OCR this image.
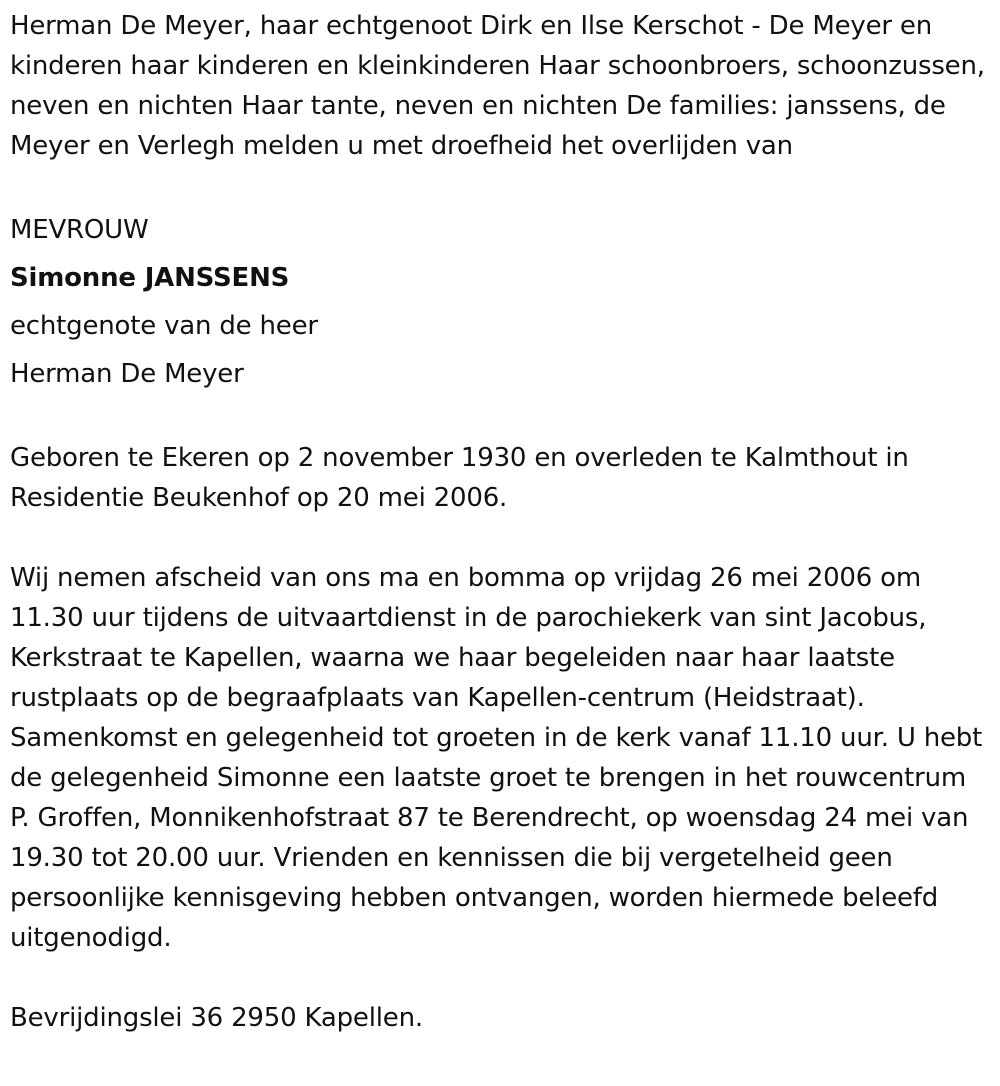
Herman De Meyer, haar echtgenoot Dirk en Ilse Kerschot - De Meyer en kinderen haar kinderen en kleinkinderen Haar schoonbroers, schoonzussen, neven en nichten Haar tante, neven en nichten De families: janssens, de Meyer en Verlegh melden u met droefheid het overlijden van

MEVROUW

Simonne JANSSENS

echtgenote van de heer

Herman De Meyer

Geboren te Ekeren op 2 november 1930 en overleden te Kalmthout in Residentie Beukenhof op 20 mei 2006.

Wij nemen afscheid van ons ma en bomma op vrijdag 26 mei 2006 om 11.30 uur tijdens de uitvaartdienst in de parochiekerk van sint Jacobus, Kerkstraat te Kapellen, waarna we haar begeleiden naar haar laatste rustplaats op de begraafplaats van Kapellen-centrum (Heidstraat). Samenkomst en gelegenheid tot groeten in de kerk vanaf 11.10 uur. U hebt de gelegenheid Simonne een laatste groet te brengen in het rouwcentrum P. Groffen, Monnikenhofstraat 87 te Berendrecht, op woensdag 24 mei van 19.30 tot 20.00 uur. Vrienden en kennissen die bij vergetelheid geen persoonlijke kennisgeving hebben ontvangen, worden hiermede beleefd uitgenodigd.

Bevrijdingslei 36 2950 Kapellen.
